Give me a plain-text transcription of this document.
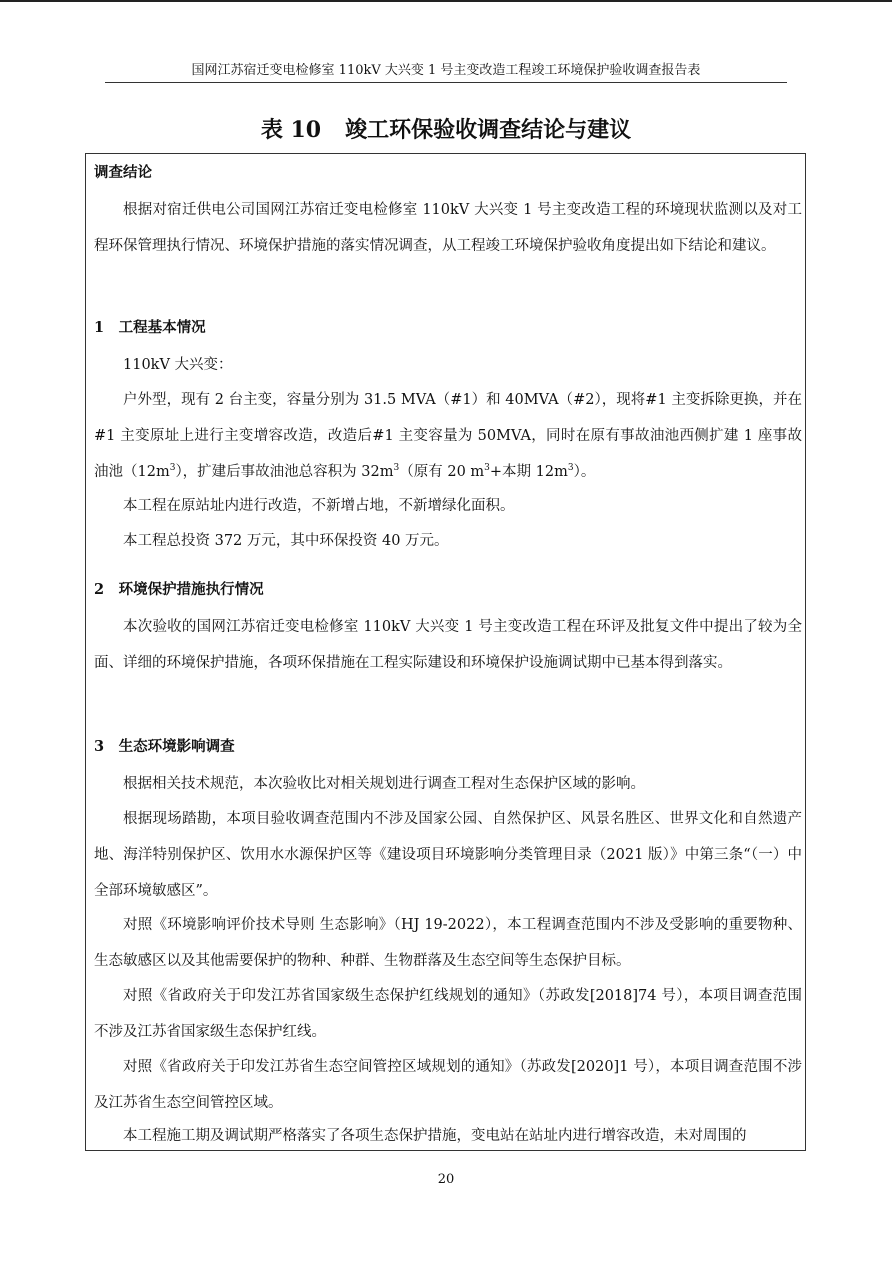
国网江苏宿迁变电检修室 110kV 大兴变 1 号主变改造工程竣工环境保护验收调查报告表
表 10 竣工环保验收调查结论与建议

调查结论

根据对宿迁供电公司国网江苏宿迁变电检修室 110kV 大兴变 1 号主变改造工程的环境现状监测以及对工程环保管理执行情况、环境保护措施的落实情况调查，从工程竣工环境保护验收角度提出如下结论和建议。

1　工程基本情况

110kV 大兴变：

户外型，现有 2 台主变，容量分别为 31.5 MVA（#1）和 40MVA（#2），现将#1 主变拆除更换，并在#1 主变原址上进行主变增容改造，改造后#1 主变容量为 50MVA，同时在原有事故油池西侧扩建 1 座事故油池$(12m^3)$，扩建后事故油池总容积为 $32m^3$（原有 20 $m^3+$本期 $12m^3$）。

本工程在原站址内进行改造，不新增占地，不新增绿化面积。

本工程总投资 372 万元，其中环保投资 40 万元。

2　环境保护措施执行情况

本次验收的国网江苏宿迁变电检修室 110kV 大兴变 1 号主变改造工程在环评及批复文件中提出了较为全面、详细的环境保护措施，各项环保措施在工程实际建设和环境保护设施调试期中已基本得到落实。

3　生态环境影响调查

根据相关技术规范，本次验收比对相关规划进行调查工程对生态保护区域的影响。

根据现场踏勘，本项目验收调查范围内不涉及国家公园、自然保护区、风景名胜区、世界文化和自然遗产地、海洋特别保护区、饮用水水源保护区等《建设项目环境影响分类管理目录（2021 版）》中第三条“（一）中全部环境敏感区”。

对照《环境影响评价技术导则 生态影响》（HJ 19-2022），本工程调查范围内不涉及受影响的重要物种、生态敏感区以及其他需要保护的物种、种群、生物群落及生态空间等生态保护目标。

对照《省政府关于印发江苏省国家级生态保护红线规划的通知》（苏政发[2018]74 号），本项目调查范围不涉及江苏省国家级生态保护红线。

对照《省政府关于印发江苏省生态空间管控区域规划的通知》（苏政发[2020]1 号），本项目调查范围不涉及江苏省生态空间管控区域。

本工程施工期及调试期严格落实了各项生态保护措施，变电站在站址内进行增容改造，未对周围的

20
